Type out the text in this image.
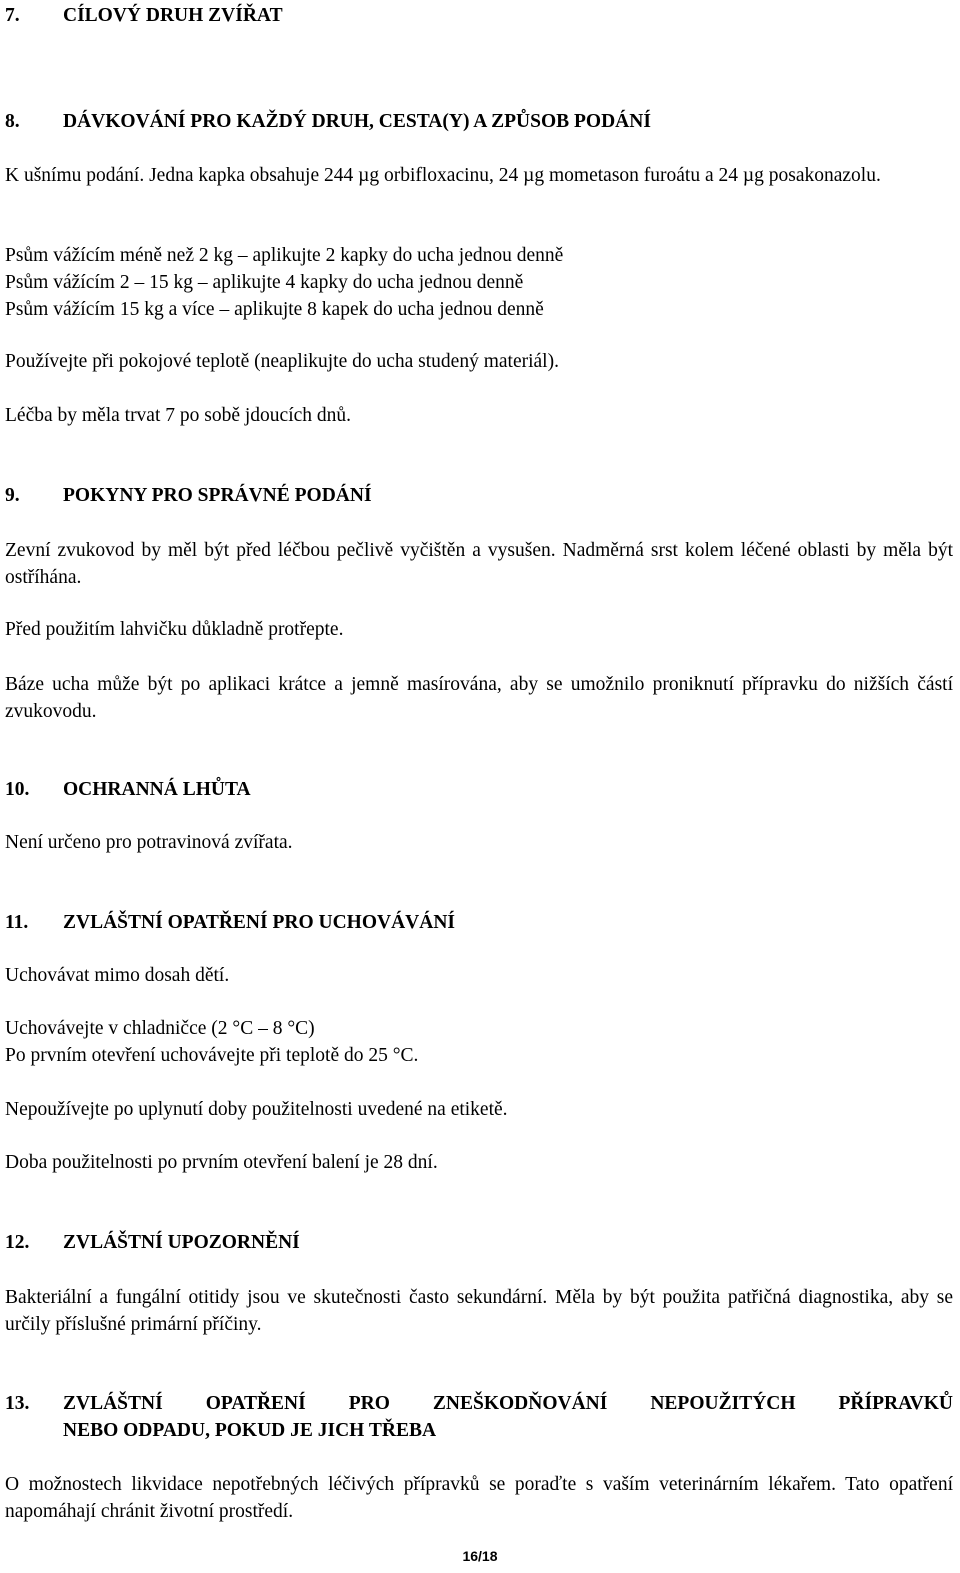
7. CÍLOVÝ DRUH ZVÍŘAT
8. DÁVKOVÁNÍ PRO KAŽDÝ DRUH, CESTA(Y) A ZPŮSOB PODÁNÍ
K ušnímu podání. Jedna kapka obsahuje 244 µg orbifloxacinu, 24 µg mometason furoátu a 24 µg posakonazolu.
Psům vážícím méně než 2 kg – aplikujte 2 kapky do ucha jednou denně
Psům vážícím 2 – 15 kg – aplikujte 4 kapky do ucha jednou denně
Psům vážícím 15 kg a více – aplikujte 8 kapek do ucha jednou denně
Používejte při pokojové teplotě (neaplikujte do ucha studený materiál).
Léčba by měla trvat 7 po sobě jdoucích dnů.
9. POKYNY PRO SPRÁVNÉ PODÁNÍ
Zevní zvukovod by měl být před léčbou pečlivě vyčištěn a vysušen. Nadměrná srst kolem léčené oblasti by měla být ostříhána.
Před použitím lahvičku důkladně protřepte.
Báze ucha může být po aplikaci krátce a jemně masírována, aby se umožnilo proniknutí přípravku do nižších částí zvukovodu.
10. OCHRANNÁ LHŮTA
Není určeno pro potravinová zvířata.
11. ZVLÁŠTNÍ OPATŘENÍ PRO UCHOVÁVÁNÍ
Uchovávat mimo dosah dětí.
Uchovávejte v chladničce (2 °C – 8 °C)
Po prvním otevření uchovávejte při teplotě do 25 °C.
Nepoužívejte po uplynutí doby použitelnosti uvedené na etiketě.
Doba použitelnosti po prvním otevření balení je 28 dní.
12. ZVLÁŠTNÍ UPOZORNĚNÍ
Bakteriální a fungální otitidy jsou ve skutečnosti často sekundární. Měla by být použita patřičná diagnostika, aby se určily příslušné primární příčiny.
13. ZVLÁŠTNÍ OPATŘENÍ PRO ZNEŠKODŇOVÁNÍ NEPOUŽITÝCH PŘÍPRAVKŮ
NEBO ODPADU, POKUD JE JICH TŘEBA
O možnostech likvidace nepotřebných léčivých přípravků se poraďte s vaším veterinárním lékařem. Tato opatření napomáhají chránit životní prostředí.
16/18
